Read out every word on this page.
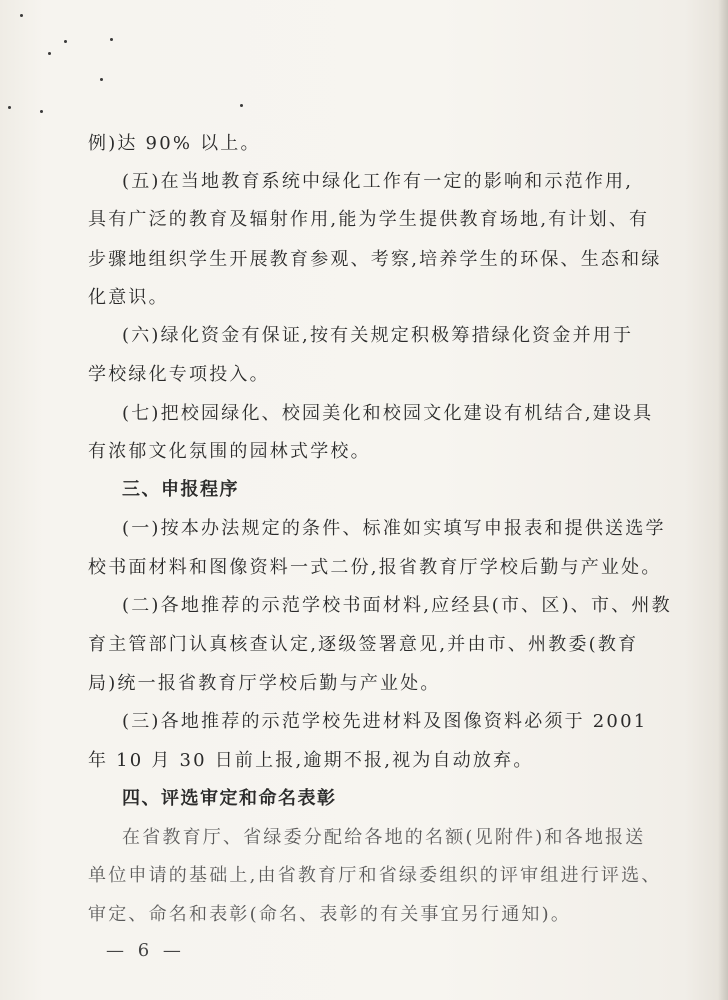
例)达 90% 以上。
(五)在当地教育系统中绿化工作有一定的影响和示范作用,
具有广泛的教育及辐射作用,能为学生提供教育场地,有计划、有
步骤地组织学生开展教育参观、考察,培养学生的环保、生态和绿
化意识。
(六)绿化资金有保证,按有关规定积极筹措绿化资金并用于
学校绿化专项投入。
(七)把校园绿化、校园美化和校园文化建设有机结合,建设具
有浓郁文化氛围的园林式学校。
三、申报程序
(一)按本办法规定的条件、标准如实填写申报表和提供送选学
校书面材料和图像资料一式二份,报省教育厅学校后勤与产业处。
(二)各地推荐的示范学校书面材料,应经县(市、区)、市、州教
育主管部门认真核查认定,逐级签署意见,并由市、州教委(教育
局)统一报省教育厅学校后勤与产业处。
(三)各地推荐的示范学校先进材料及图像资料必须于 2001
年 10 月 30 日前上报,逾期不报,视为自动放弃。
四、评选审定和命名表彰
在省教育厅、省绿委分配给各地的名额(见附件)和各地报送
单位申请的基础上,由省教育厅和省绿委组织的评审组进行评选、
审定、命名和表彰(命名、表彰的有关事宜另行通知)。
— 6 —
